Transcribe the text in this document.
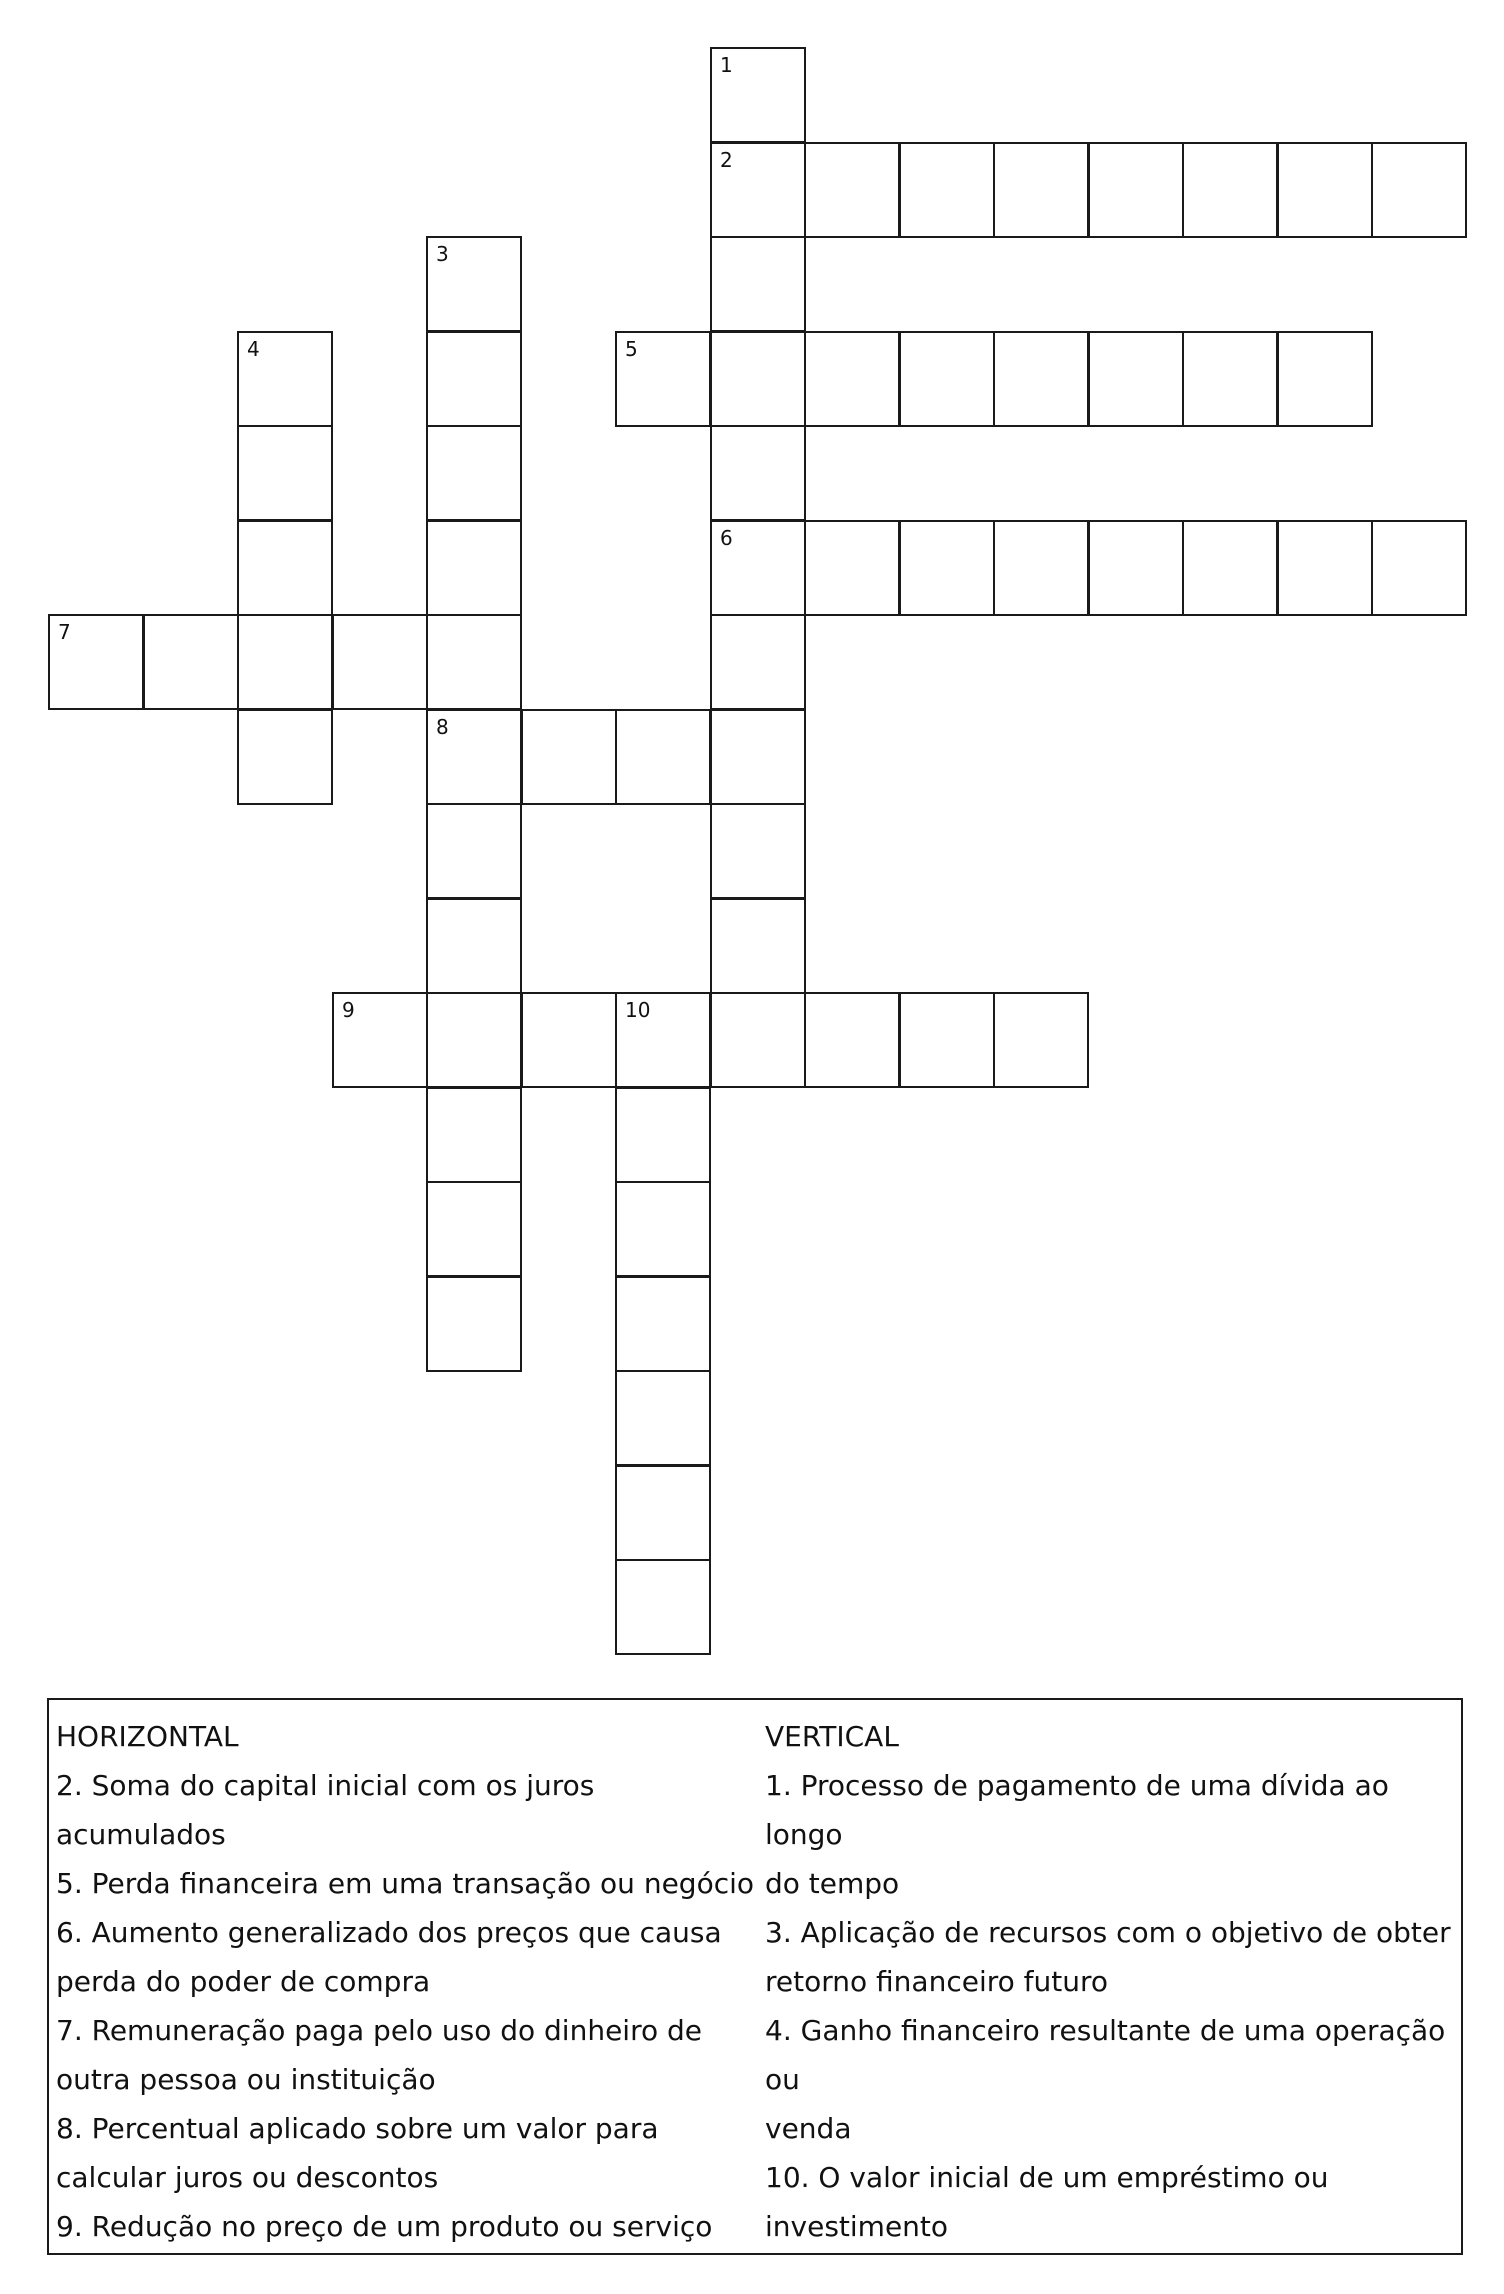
1
2
3
4	5
6
7
8
9	10

HORIZONTAL

2. Soma do capital inicial com os juros acumulados

5. Perda financeira em uma transação ou negócio

6. Aumento generalizado dos preços que causa

perda do poder de compra

7. Remuneração paga pelo uso do dinheiro de

outra pessoa ou instituição

8. Percentual aplicado sobre um valor para

calcular juros ou descontos

9. Redução no preço de um produto ou serviço

VERTICAL

1. Processo de pagamento de uma dívida ao longo

do tempo

3. Aplicação de recursos com o objetivo de obter

retorno financeiro futuro

4. Ganho financeiro resultante de uma operação ou

venda

10. O valor inicial de um empréstimo ou

investimento
